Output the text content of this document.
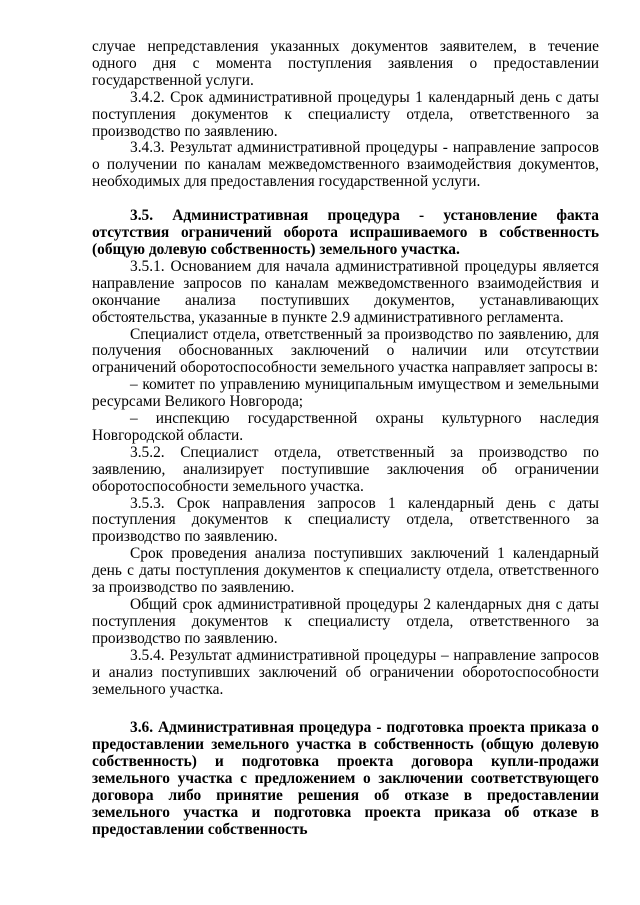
случае непредставления указанных документов заявителем, в течение одного дня с момента поступления заявления о предоставлении государственной услуги.

3.4.2. Срок административной процедуры 1 календарный день с даты поступления документов к специалисту отдела, ответственного за производство по заявлению.

3.4.3. Результат административной процедуры - направление запросов о получении по каналам межведомственного взаимодействия документов, необходимых для предоставления государственной услуги.

3.5. Административная процедура - установление факта отсутствия ограничений оборота испрашиваемого в собственность (общую долевую собственность) земельного участка.

3.5.1. Основанием для начала административной процедуры является направление запросов по каналам межведомственного взаимодействия и окончание анализа поступивших документов, устанавливающих обстоятельства, указанные в пункте 2.9 административного регламента.

Специалист отдела, ответственный за производство по заявлению, для получения обоснованных заключений о наличии или отсутствии ограничений оборотоспособности земельного участка направляет запросы в:

– комитет по управлению муниципальным имуществом и земельными ресурсами Великого Новгорода;

– инспекцию государственной охраны культурного наследия Новгородской области.

3.5.2. Специалист отдела, ответственный за производство по заявлению, анализирует поступившие заключения об ограничении оборотоспособности земельного участка.

3.5.3. Срок направления запросов 1 календарный день с даты поступления документов к специалисту отдела, ответственного за производство по заявлению.

Срок проведения анализа поступивших заключений 1 календарный день с даты поступления документов к специалисту отдела, ответственного за производство по заявлению.

Общий срок административной процедуры 2 календарных дня с даты поступления документов к специалисту отдела, ответственного за производство по заявлению.

3.5.4. Результат административной процедуры – направление запросов и анализ поступивших заключений об ограничении оборотоспособности земельного участка.

3.6. Административная процедура - подготовка проекта приказа о предоставлении земельного участка в собственность (общую долевую собственность) и подготовка проекта договора купли-продажи земельного участка с предложением о заключении соответствующего договора либо принятие решения об отказе в предоставлении земельного участка и подготовка проекта приказа об отказе в предоставлении собственность
